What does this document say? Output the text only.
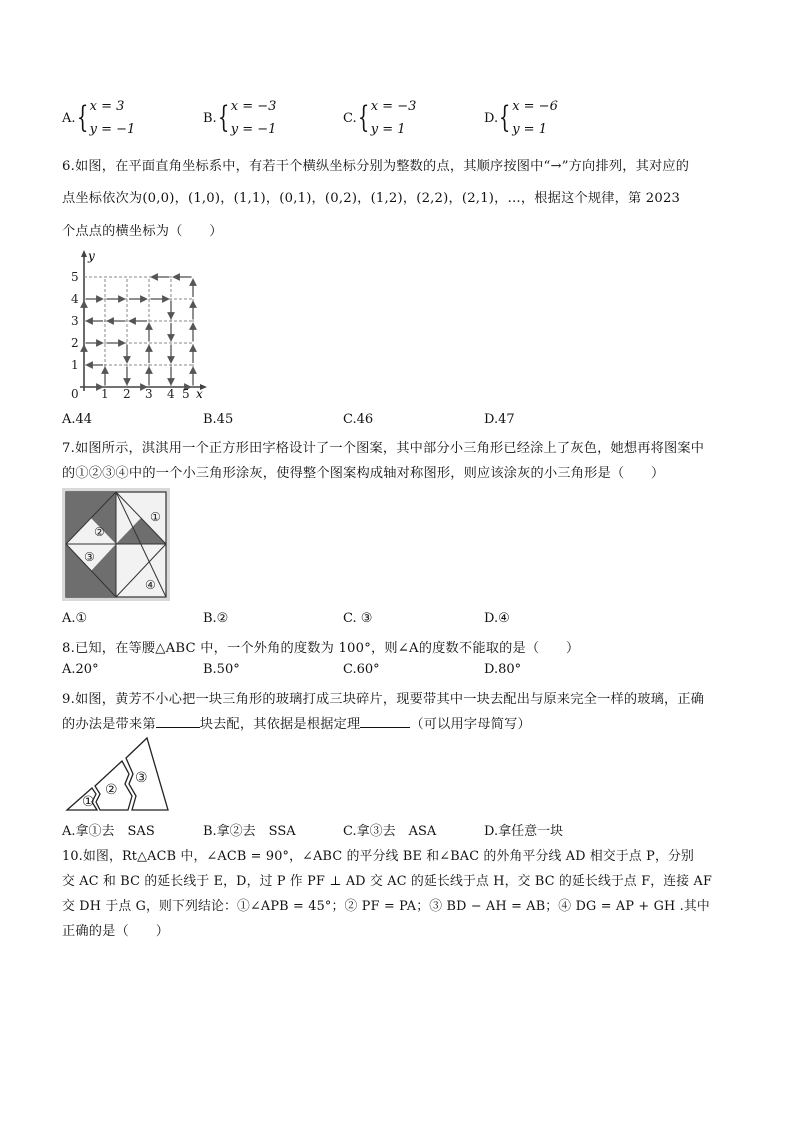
A. { x = 3
y = −1
B. { x = −3
y = −1
C. { x = −3
y = 1
D. { x = −6
y = 1
6.如图，在平面直角坐标系中，有若干个横纵坐标分别为整数的点，其顺序按图中“→”方向排列，其对应的
点坐标依次为(0,0)，(1,0)，(1,1)，(0,1)，(0,2)，(1,2)，(2,2)，(2,1)，…，根据这个规律，第 2023
个点点的横坐标为（　　）
y
x
5
4
3
2
1
0 1 2 3 4 5
A.44	B.45	C.46	D.47
7.如图所示，淇淇用一个正方形田字格设计了一个图案，其中部分小三角形已经涂上了灰色，她想再将图案中
的①②③④中的一个小三角形涂灰，使得整个图案构成轴对称图形，则应该涂灰的小三角形是（　　）
①
②
③
④
A.①	B.②	C. ③	D.④
8.已知，在等腰△ABC 中，一个外角的度数为 100°，则∠A的度数不能取的是（　　）
A.20°	B.50°	C.60°	D.80°
9.如图，黄芳不小心把一块三角形的玻璃打成三块碎片，现要带其中一块去配出与原来完全一样的玻璃，正确
的办法是带来第	块去配，其依据是根据定理	（可以用字母简写）
①
②
③
A.拿①去　SAS	B.拿②去　SSA	C.拿③去　ASA	D.拿任意一块
10.如图，Rt△ACB 中，∠ACB = 90°，∠ABC 的平分线 BE 和∠BAC 的外角平分线 AD 相交于点 P，分别
交 AC 和 BC 的延长线于 E，D，过 P 作 PF ⊥ AD 交 AC 的延长线于点 H，交 BC 的延长线于点 F，连接 AF
交 DH 于点 G，则下列结论：①∠APB = 45°；② PF = PA；③ BD − AH = AB；④ DG = AP + GH .其中
正确的是（　　）
